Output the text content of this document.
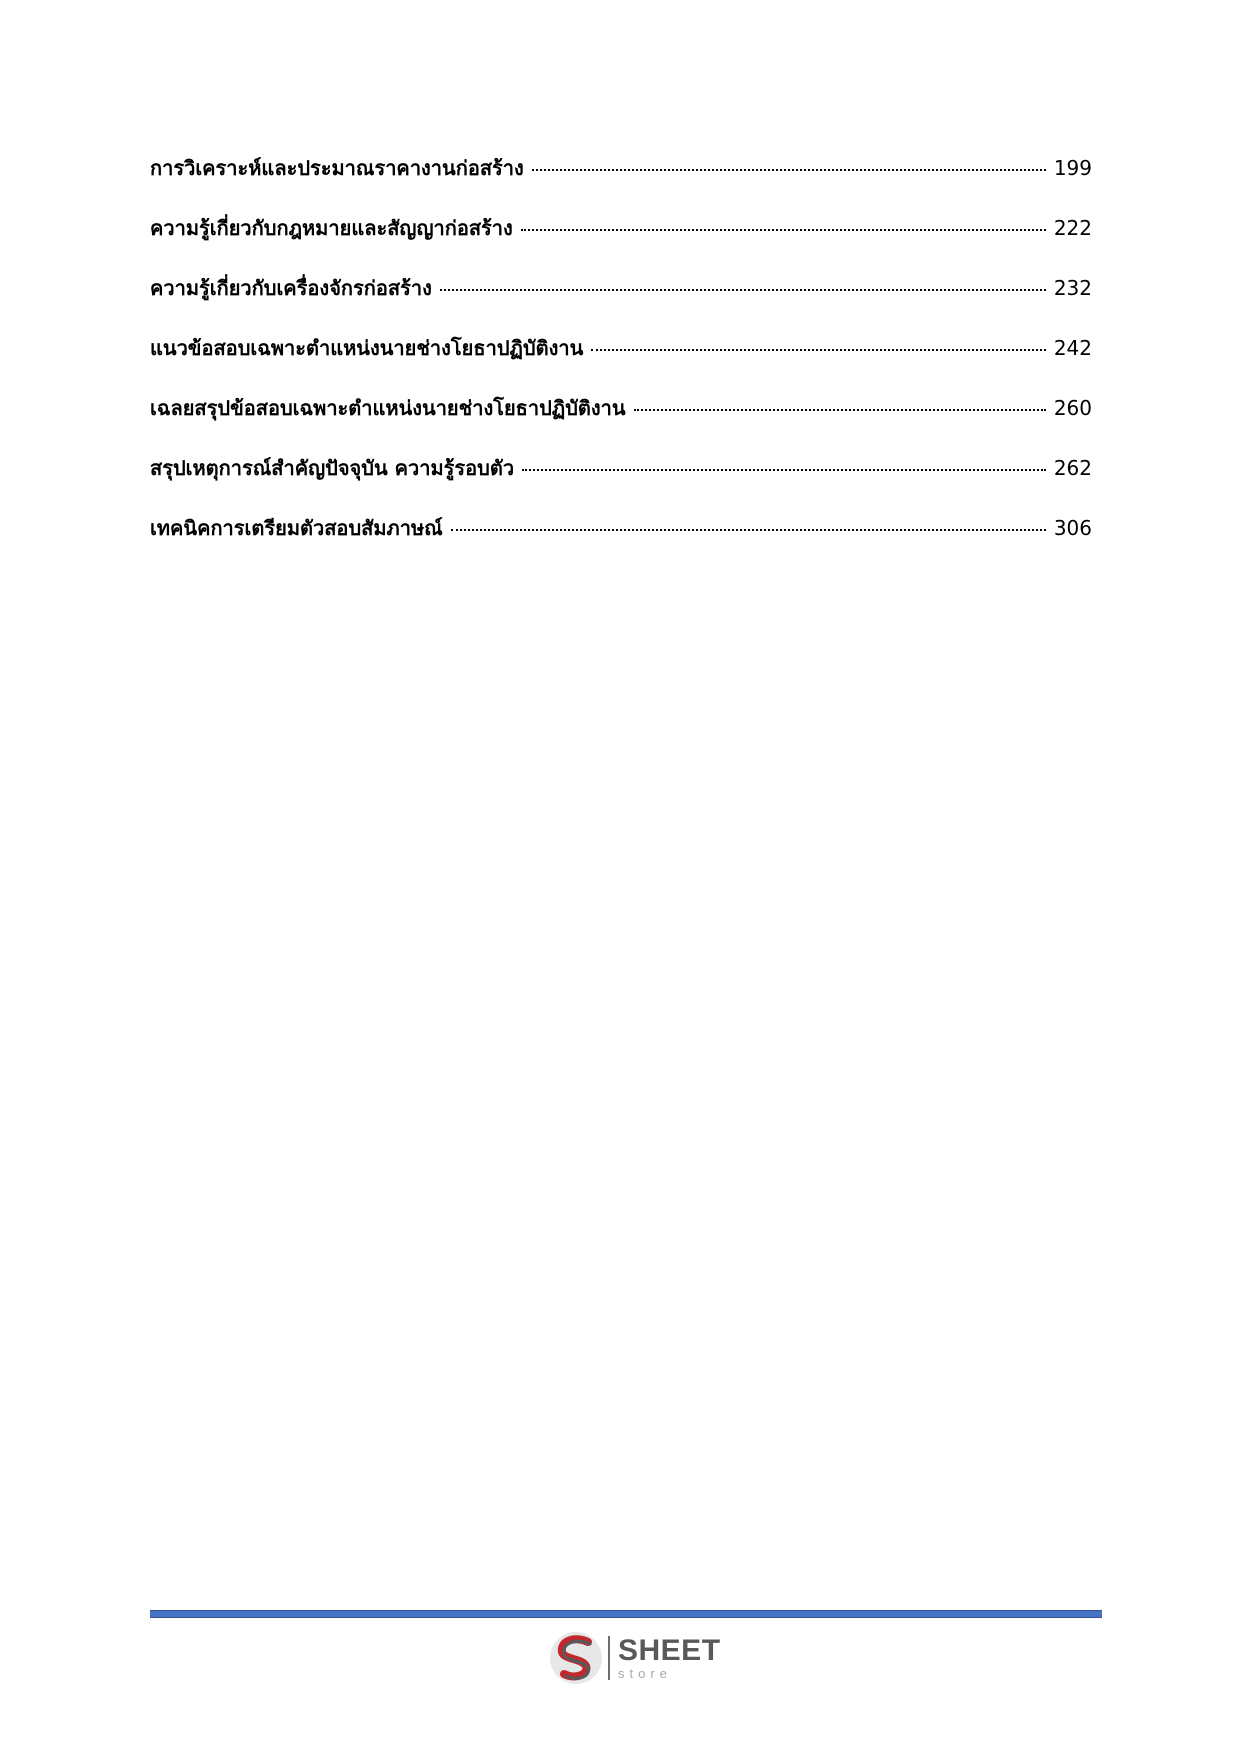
การวิเคราะห์และประมาณราคางานก่อสร้าง	199
ความรู้เกี่ยวกับกฎหมายและสัญญาก่อสร้าง	222
ความรู้เกี่ยวกับเครื่องจักรก่อสร้าง	232
แนวข้อสอบเฉพาะตำแหน่งนายช่างโยธาปฏิบัติงาน	242
เฉลยสรุปข้อสอบเฉพาะตำแหน่งนายช่างโยธาปฏิบัติงาน	260
สรุปเหตุการณ์สำคัญปัจจุบัน ความรู้รอบตัว	262
เทคนิคการเตรียมตัวสอบสัมภาษณ์	306
SHEET
store
